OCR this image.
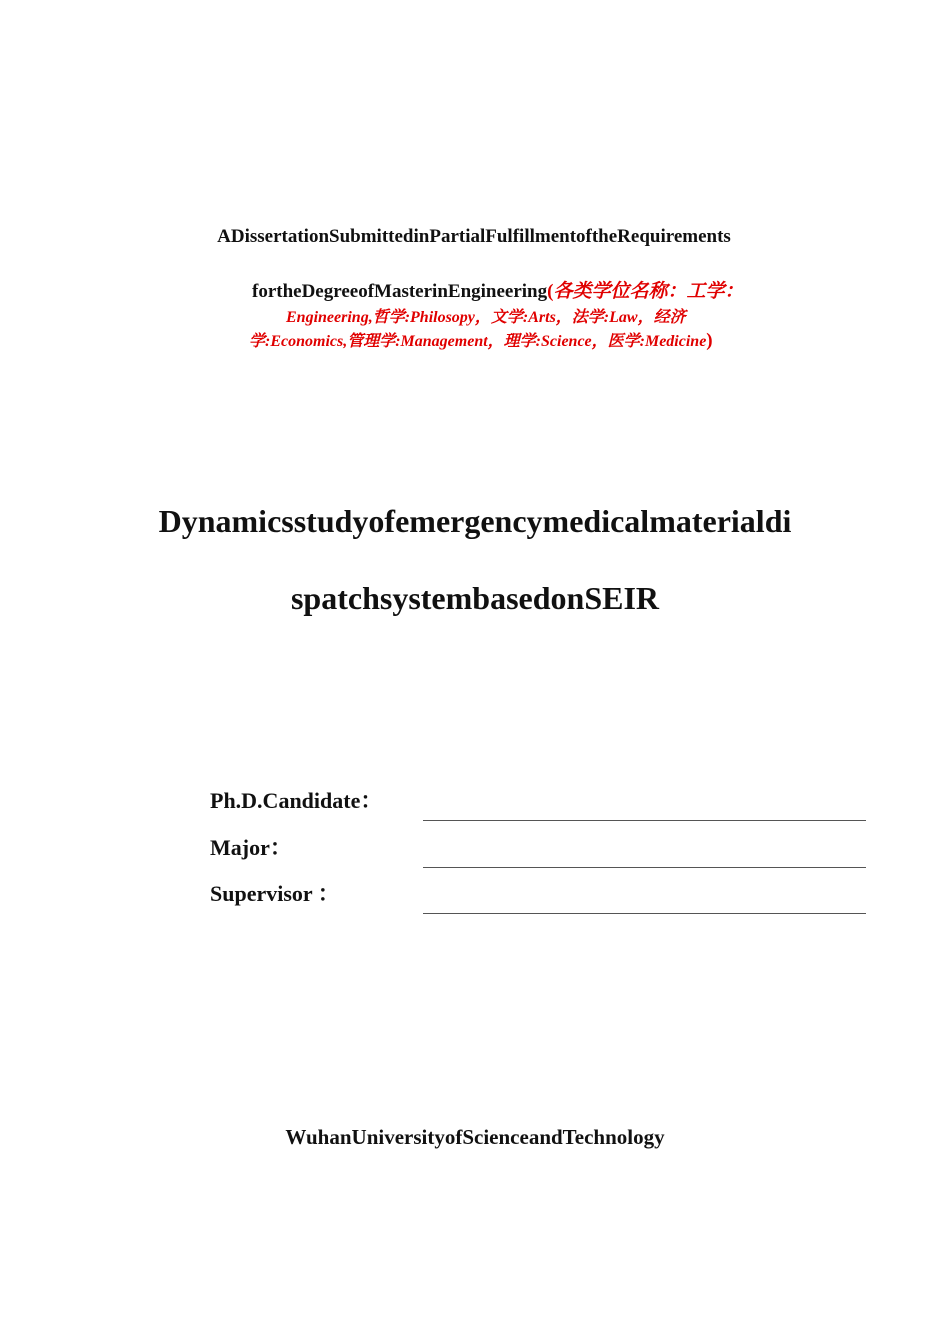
ADissertationSubmittedinPartialFulfillmentoftheRequirements
fortheDegreeofMasterinEngineering(各类学位名称：工学：
Engineering,哲学:Philosopy，文学:Arts，法学:Law，经济
学:Economics,管理学:Management，理学:Science，医学:Medicine)
Dynamicsstudyofemergencymedicalmaterialdi
spatchsystembasedonSEIR
Ph.D.Candidate：
Major：
Supervisor ：
WuhanUniversityofScienceandTechnology
